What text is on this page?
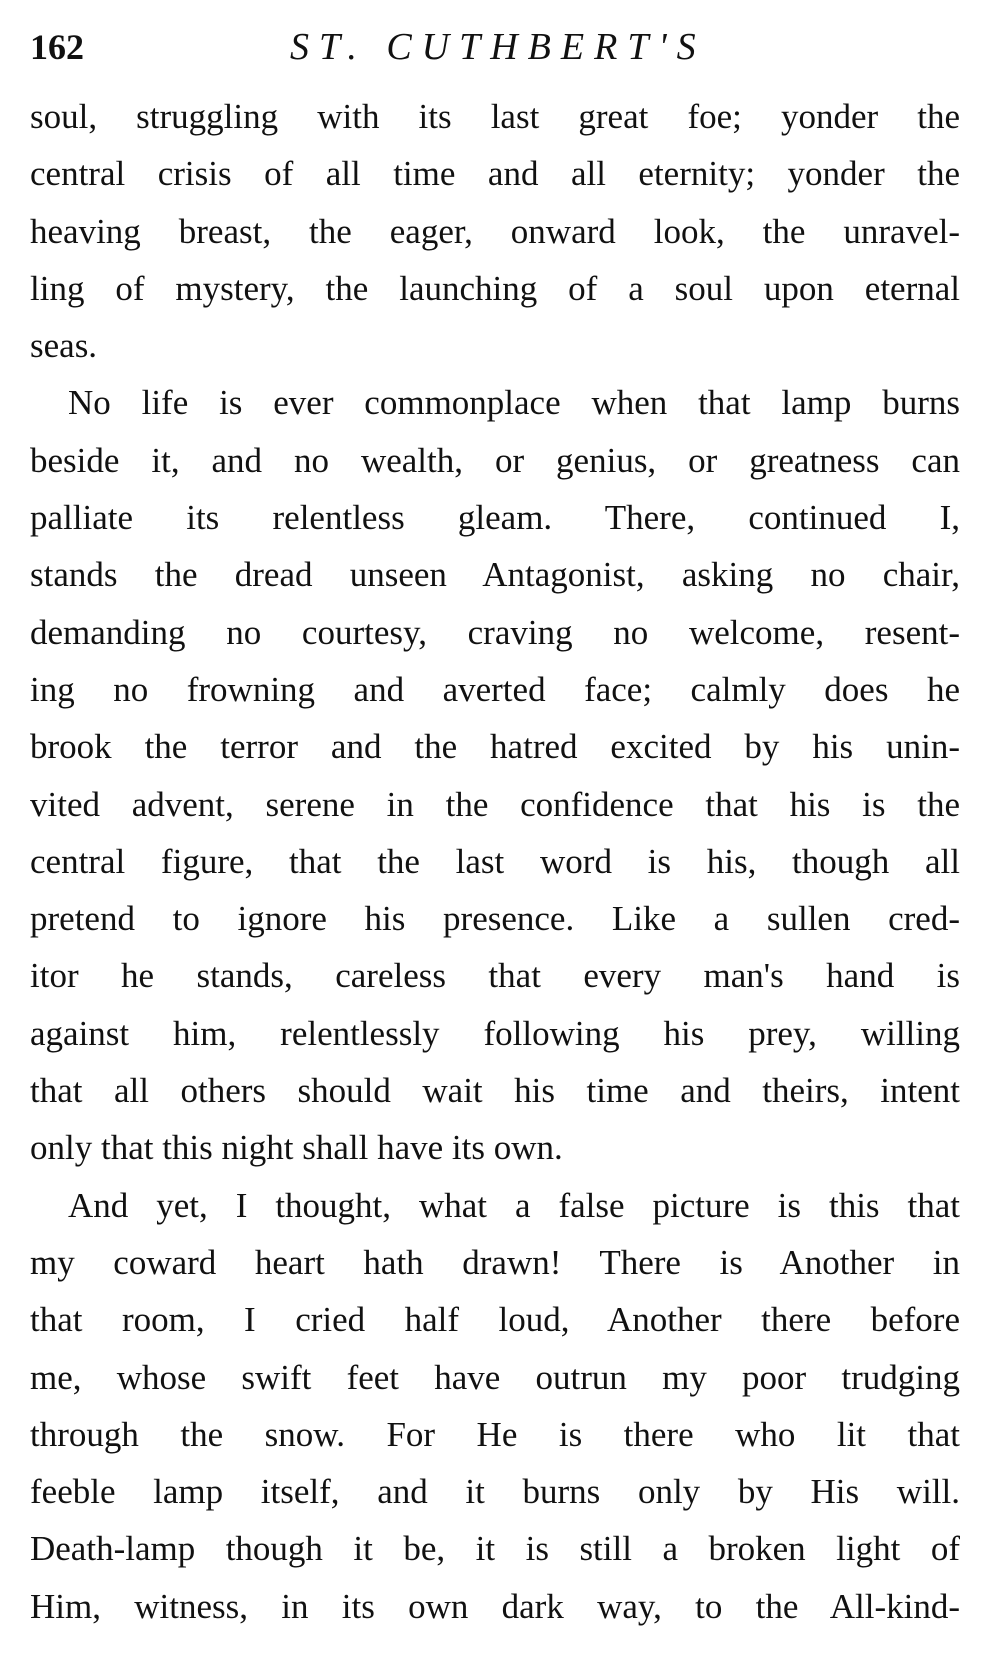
162	ST. CUTHBERT'S
soul, struggling with its last great foe; yonder the
central crisis of all time and all eternity; yonder the
heaving breast, the eager, onward look, the unravel-
ling of mystery, the launching of a soul upon eternal
seas.
No life is ever commonplace when that lamp burns
beside it, and no wealth, or genius, or greatness can
palliate its relentless gleam. There, continued I,
stands the dread unseen Antagonist, asking no chair,
demanding no courtesy, craving no welcome, resent-
ing no frowning and averted face; calmly does he
brook the terror and the hatred excited by his unin-
vited advent, serene in the confidence that his is the
central figure, that the last word is his, though all
pretend to ignore his presence. Like a sullen cred-
itor he stands, careless that every man's hand is
against him, relentlessly following his prey, willing
that all others should wait his time and theirs, intent
only that this night shall have its own.
And yet, I thought, what a false picture is this that
my coward heart hath drawn! There is Another in
that room, I cried half loud, Another there before
me, whose swift feet have outrun my poor trudging
through the snow. For He is there who lit that
feeble lamp itself, and it burns only by His will.
Death-lamp though it be, it is still a broken light of
Him, witness, in its own dark way, to the All-kind-
